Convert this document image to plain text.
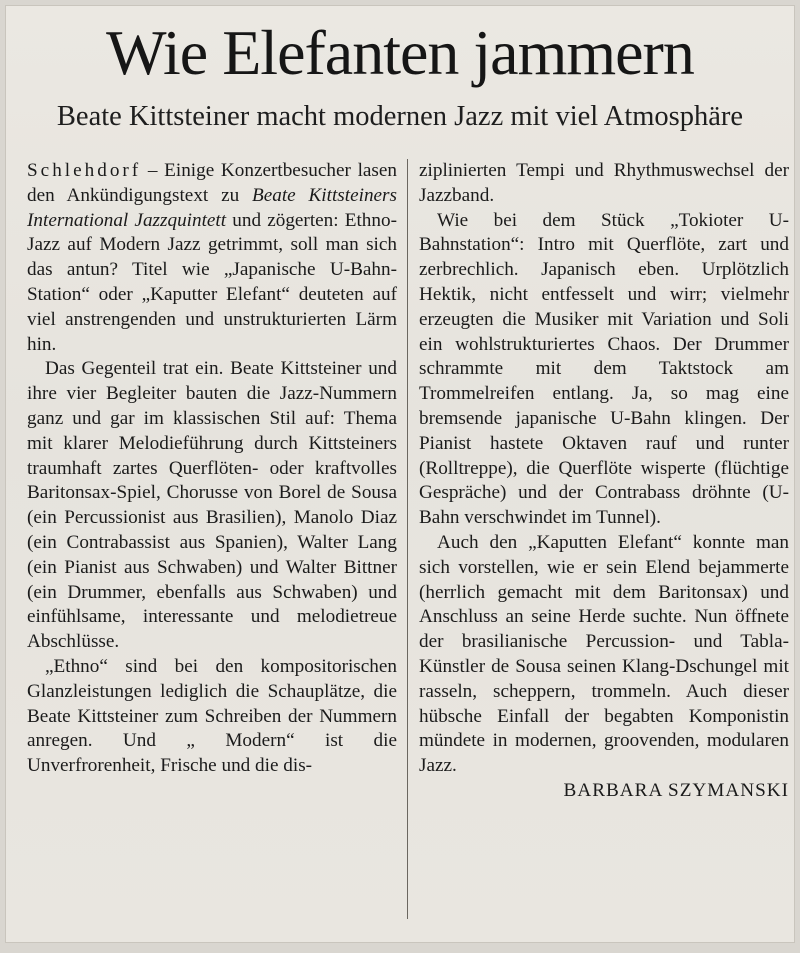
Wie Elefanten jammern
Beate Kittsteiner macht modernen Jazz mit viel Atmosphäre

Schlehdorf – Einige Konzertbesucher lasen den Ankündigungstext zu Beate Kittsteiners International Jazzquintett und zögerten: Ethno-Jazz auf Modern Jazz getrimmt, soll man sich das antun? Titel wie „Japanische U-Bahn-Station“ oder „Kaputter Elefant“ deuteten auf viel anstrengenden und unstrukturierten Lärm hin.

Das Gegenteil trat ein. Beate Kittsteiner und ihre vier Begleiter bauten die Jazz-Nummern ganz und gar im klassischen Stil auf: Thema mit klarer Melodieführung durch Kittsteiners traumhaft zartes Querflöten- oder kraftvolles Baritonsax-Spiel, Chorusse von Borel de Sousa (ein Percussionist aus Brasilien), Manolo Diaz (ein Contrabassist aus Spanien), Walter Lang (ein Pianist aus Schwaben) und Walter Bittner (ein Drummer, ebenfalls aus Schwaben) und einfühlsame, interessante und melodietreue Abschlüsse.

„Ethno“ sind bei den kompositorischen Glanzleistungen lediglich die Schauplätze, die Beate Kittsteiner zum Schreiben der Nummern anregen. Und „ Modern“ ist die Unverfrorenheit, Frische und die dis-

ziplinierten Tempi und Rhythmuswechsel der Jazzband.

Wie bei dem Stück „Tokioter U-Bahnstation“: Intro mit Querflöte, zart und zerbrechlich. Japanisch eben. Urplötzlich Hektik, nicht entfesselt und wirr; vielmehr erzeugten die Musiker mit Variation und Soli ein wohlstrukturiertes Chaos. Der Drummer schrammte mit dem Taktstock am Trommelreifen entlang. Ja, so mag eine bremsende japanische U-Bahn klingen. Der Pianist hastete Oktaven rauf und runter (Rolltreppe), die Querflöte wisperte (flüchtige Gespräche) und der Contrabass dröhnte (U-Bahn verschwindet im Tunnel).

Auch den „Kaputten Elefant“ konnte man sich vorstellen, wie er sein Elend bejammerte (herrlich gemacht mit dem Baritonsax) und Anschluss an seine Herde suchte. Nun öffnete der brasilianische Percussion- und Tabla-Künstler de Sousa seinen Klang-Dschungel mit rasseln, scheppern, trommeln. Auch dieser hübsche Einfall der begabten Komponistin mündete in modernen, groovenden, modularen Jazz.

BARBARA SZYMANSKI
